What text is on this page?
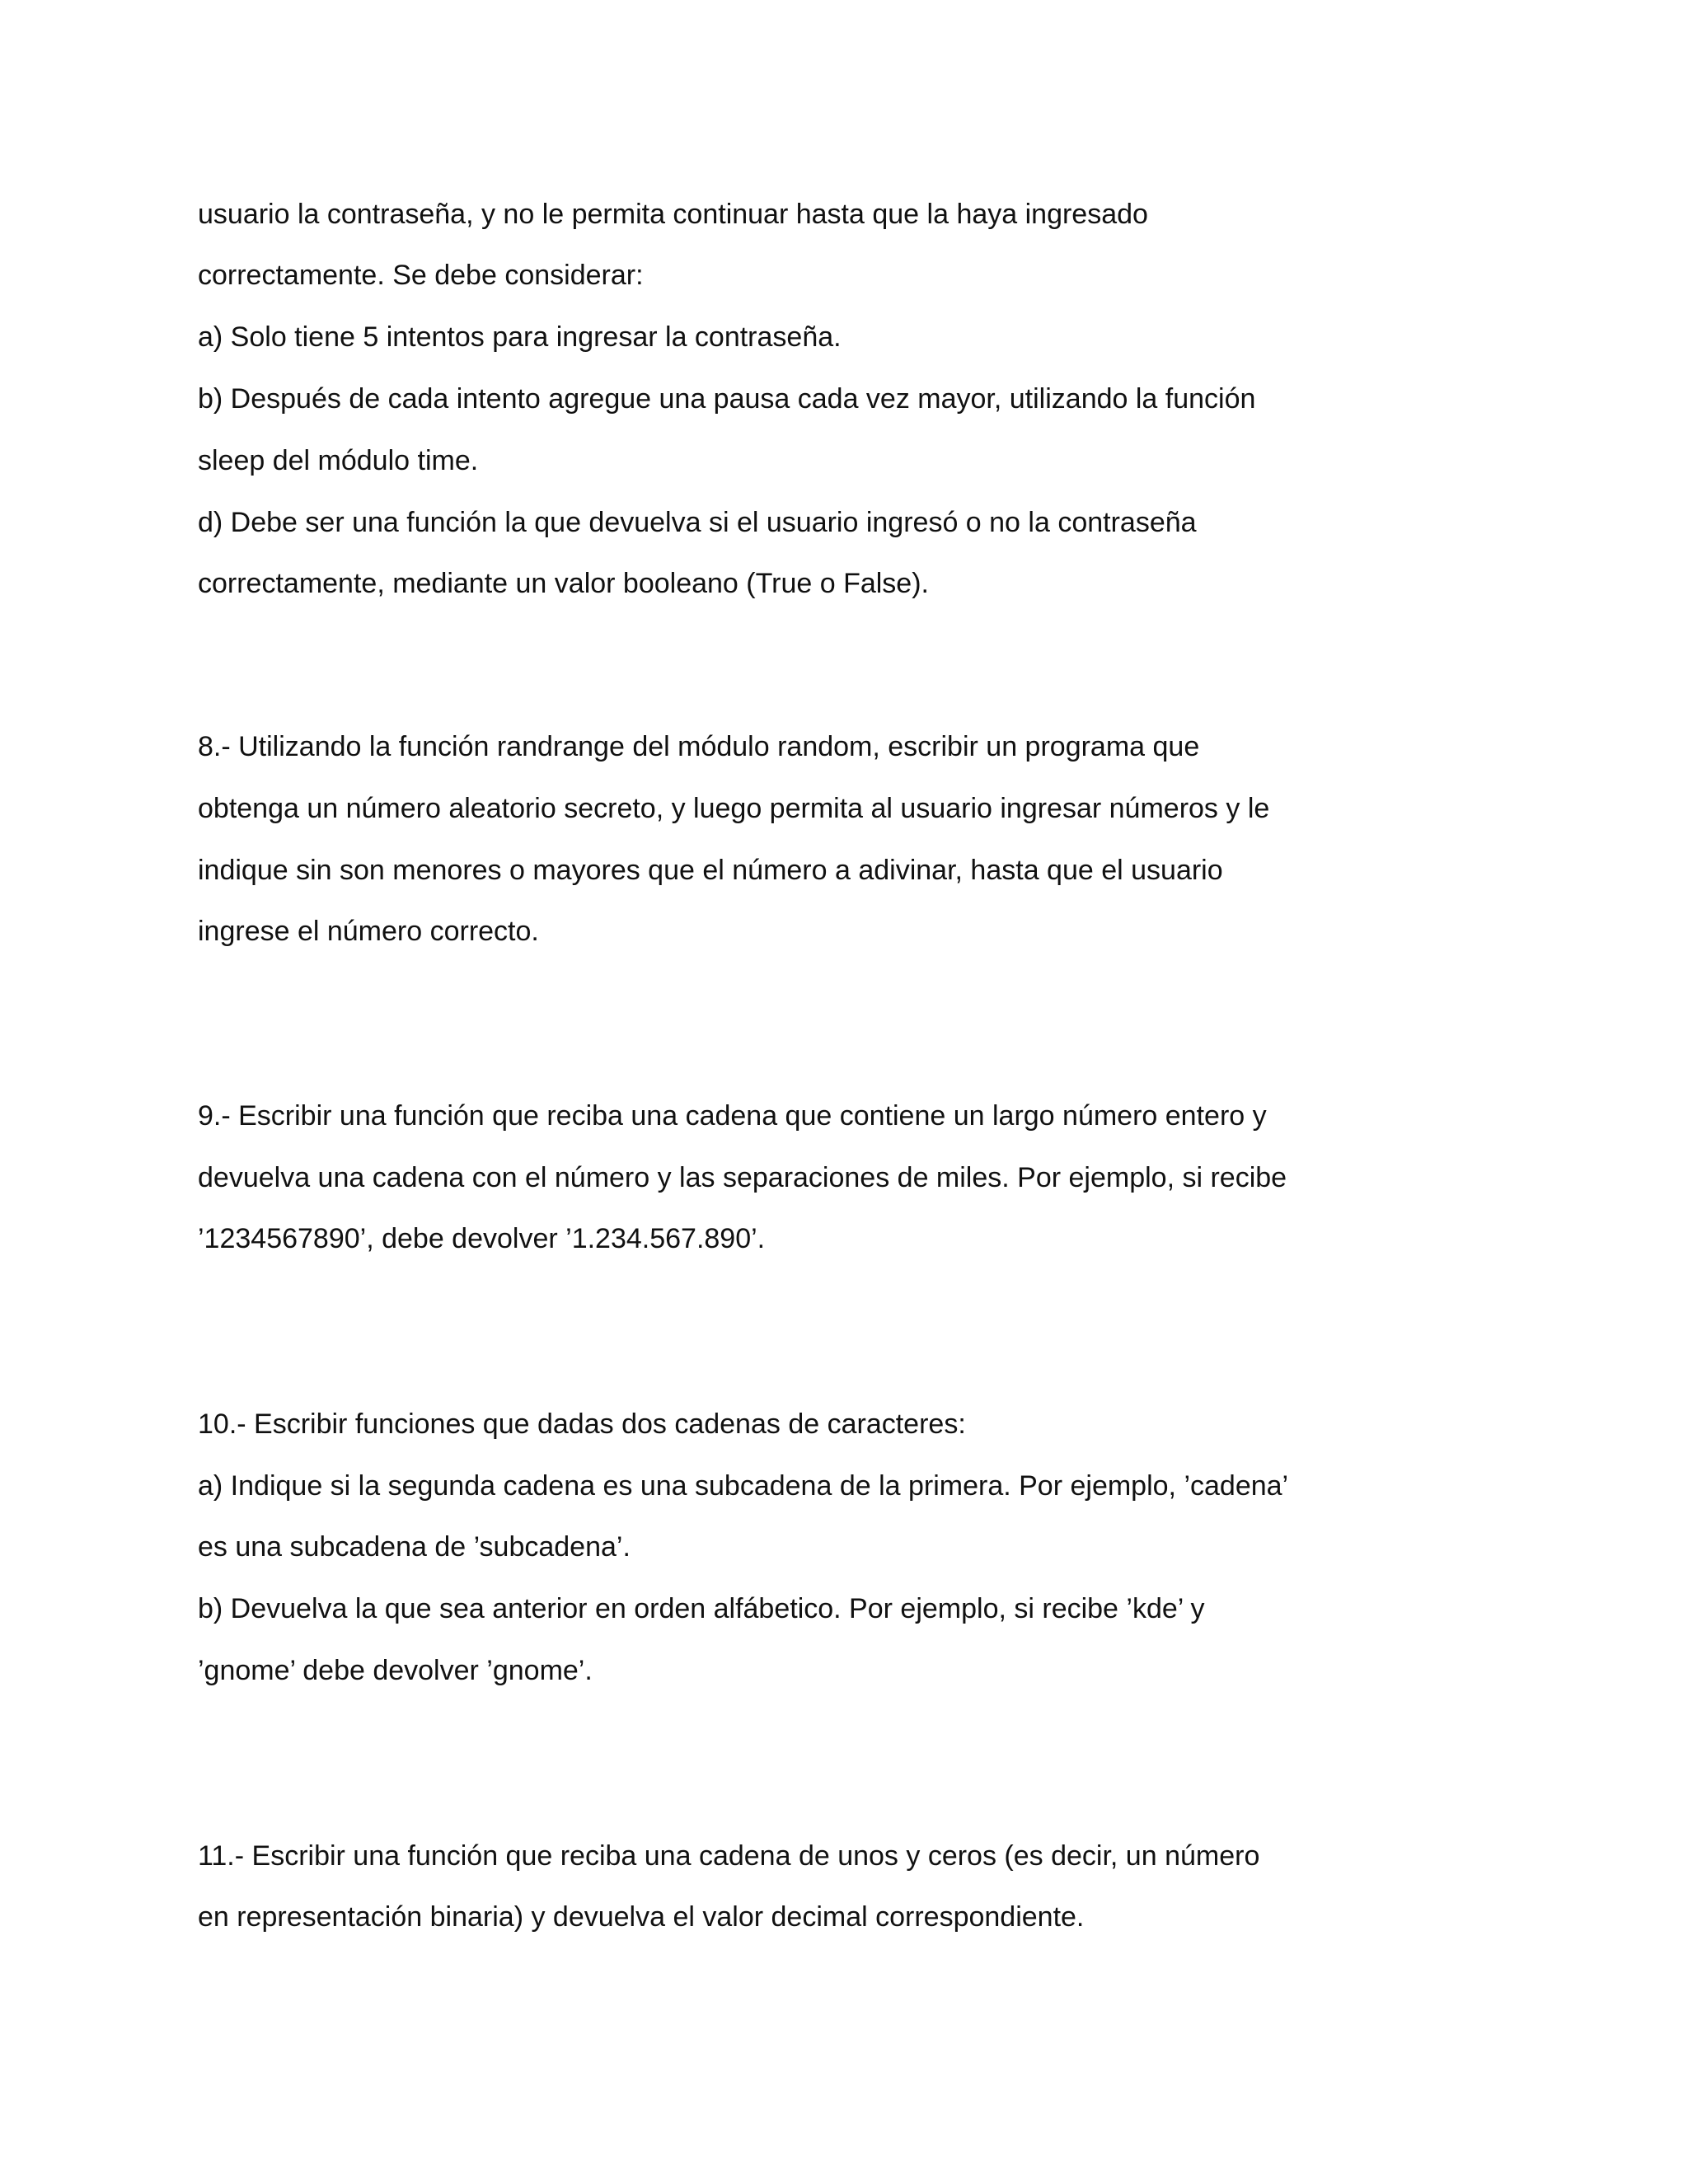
usuario la contraseña, y no le permita continuar hasta que la haya ingresado

correctamente. Se debe considerar:

a) Solo tiene 5 intentos para ingresar la contraseña.

b) Después de cada intento agregue una pausa cada vez mayor, utilizando la función

sleep del módulo time.

d) Debe ser una función la que devuelva si el usuario ingresó o no la contraseña

correctamente, mediante un valor booleano (True o False).

8.- Utilizando la función randrange del módulo random, escribir un programa que

obtenga un número aleatorio secreto, y luego permita al usuario ingresar números y le

indique sin son menores o mayores que el número a adivinar, hasta que el usuario

ingrese el número correcto.

9.- Escribir una función que reciba una cadena que contiene un largo número entero y

devuelva una cadena con el número y las separaciones de miles. Por ejemplo, si recibe

’1234567890’, debe devolver ’1.234.567.890’.

10.- Escribir funciones que dadas dos cadenas de caracteres:

a) Indique si la segunda cadena es una subcadena de la primera. Por ejemplo, ’cadena’

es una subcadena de ’subcadena’.

b) Devuelva la que sea anterior en orden alfábetico. Por ejemplo, si recibe ’kde’ y

’gnome’ debe devolver ’gnome’.

11.- Escribir una función que reciba una cadena de unos y ceros (es decir, un número

en representación binaria) y devuelva el valor decimal correspondiente.
